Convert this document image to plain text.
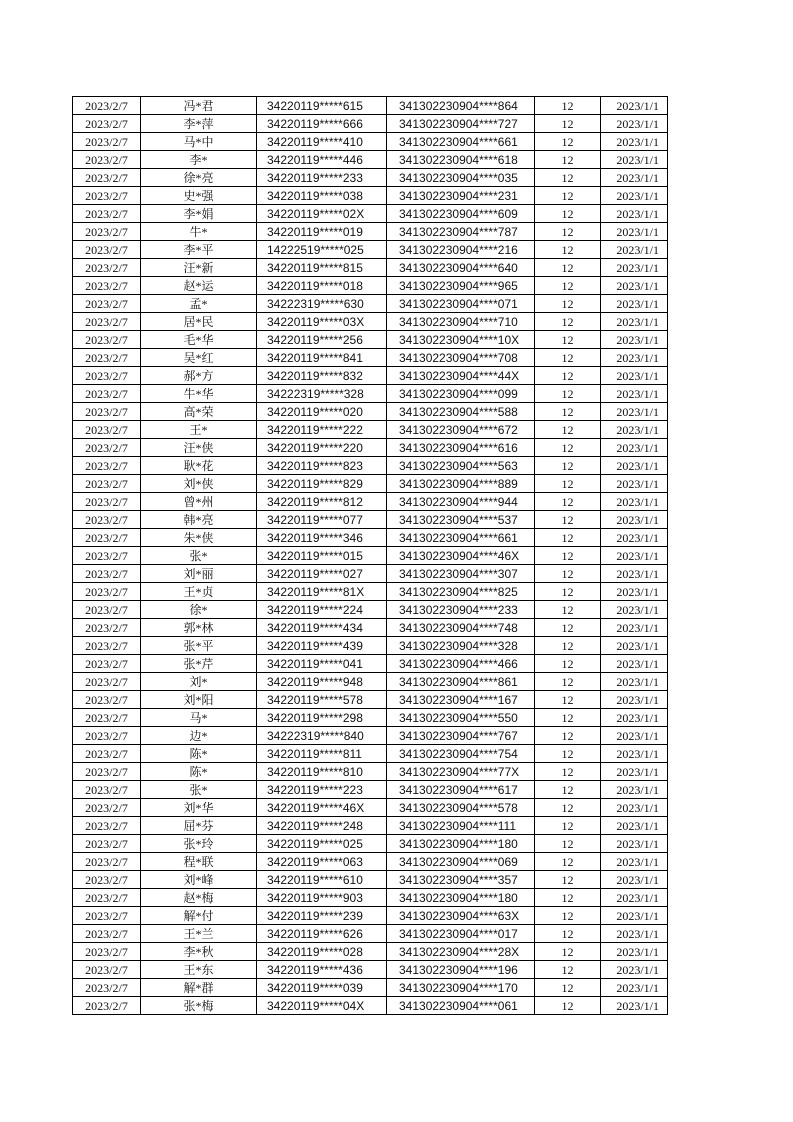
2023/2/7	冯*君	34220119*****615	341302230904****864	12	2023/1/1
2023/2/7	李*萍	34220119*****666	341302230904****727	12	2023/1/1
2023/2/7	马*中	34220119*****410	341302230904****661	12	2023/1/1
2023/2/7	李*	34220119*****446	341302230904****618	12	2023/1/1
2023/2/7	徐*亮	34220119*****233	341302230904****035	12	2023/1/1
2023/2/7	史*强	34220119*****038	341302230904****231	12	2023/1/1
2023/2/7	李*娟	34220119*****02X	341302230904****609	12	2023/1/1
2023/2/7	牛*	34220119*****019	341302230904****787	12	2023/1/1
2023/2/7	李*平	14222519*****025	341302230904****216	12	2023/1/1
2023/2/7	汪*新	34220119*****815	341302230904****640	12	2023/1/1
2023/2/7	赵*运	34220119*****018	341302230904****965	12	2023/1/1
2023/2/7	孟*	34222319*****630	341302230904****071	12	2023/1/1
2023/2/7	居*民	34220119*****03X	341302230904****710	12	2023/1/1
2023/2/7	毛*华	34220119*****256	341302230904****10X	12	2023/1/1
2023/2/7	吴*红	34220119*****841	341302230904****708	12	2023/1/1
2023/2/7	郝*方	34220119*****832	341302230904****44X	12	2023/1/1
2023/2/7	牛*华	34222319*****328	341302230904****099	12	2023/1/1
2023/2/7	高*荣	34220119*****020	341302230904****588	12	2023/1/1
2023/2/7	王*	34220119*****222	341302230904****672	12	2023/1/1
2023/2/7	汪*侠	34220119*****220	341302230904****616	12	2023/1/1
2023/2/7	耿*花	34220119*****823	341302230904****563	12	2023/1/1
2023/2/7	刘*侠	34220119*****829	341302230904****889	12	2023/1/1
2023/2/7	曾*州	34220119*****812	341302230904****944	12	2023/1/1
2023/2/7	韩*亮	34220119*****077	341302230904****537	12	2023/1/1
2023/2/7	朱*侠	34220119*****346	341302230904****661	12	2023/1/1
2023/2/7	张*	34220119*****015	341302230904****46X	12	2023/1/1
2023/2/7	刘*丽	34220119*****027	341302230904****307	12	2023/1/1
2023/2/7	王*贞	34220119*****81X	341302230904****825	12	2023/1/1
2023/2/7	徐*	34220119*****224	341302230904****233	12	2023/1/1
2023/2/7	郭*林	34220119*****434	341302230904****748	12	2023/1/1
2023/2/7	张*平	34220119*****439	341302230904****328	12	2023/1/1
2023/2/7	张*芹	34220119*****041	341302230904****466	12	2023/1/1
2023/2/7	刘*	34220119*****948	341302230904****861	12	2023/1/1
2023/2/7	刘*阳	34220119*****578	341302230904****167	12	2023/1/1
2023/2/7	马*	34220119*****298	341302230904****550	12	2023/1/1
2023/2/7	边*	34222319*****840	341302230904****767	12	2023/1/1
2023/2/7	陈*	34220119*****811	341302230904****754	12	2023/1/1
2023/2/7	陈*	34220119*****810	341302230904****77X	12	2023/1/1
2023/2/7	张*	34220119*****223	341302230904****617	12	2023/1/1
2023/2/7	刘*华	34220119*****46X	341302230904****578	12	2023/1/1
2023/2/7	屈*芬	34220119*****248	341302230904****111	12	2023/1/1
2023/2/7	张*玲	34220119*****025	341302230904****180	12	2023/1/1
2023/2/7	程*联	34220119*****063	341302230904****069	12	2023/1/1
2023/2/7	刘*峰	34220119*****610	341302230904****357	12	2023/1/1
2023/2/7	赵*梅	34220119*****903	341302230904****180	12	2023/1/1
2023/2/7	解*付	34220119*****239	341302230904****63X	12	2023/1/1
2023/2/7	王*兰	34220119*****626	341302230904****017	12	2023/1/1
2023/2/7	李*秋	34220119*****028	341302230904****28X	12	2023/1/1
2023/2/7	王*东	34220119*****436	341302230904****196	12	2023/1/1
2023/2/7	解*群	34220119*****039	341302230904****170	12	2023/1/1
2023/2/7	张*梅	34220119*****04X	341302230904****061	12	2023/1/1
